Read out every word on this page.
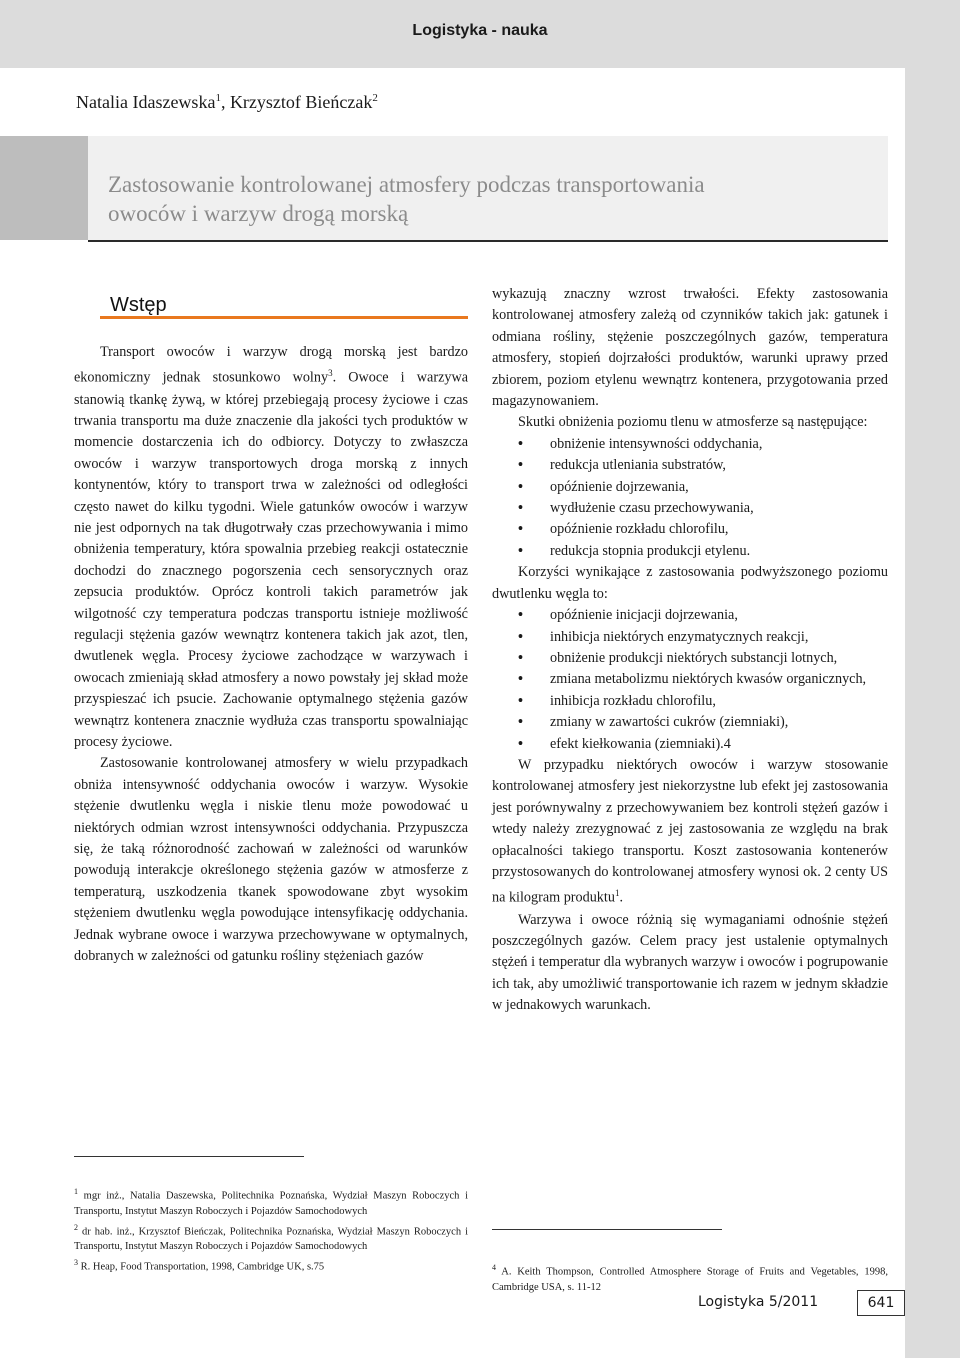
Logistyka - nauka
Natalia Idaszewska$^1$, Krzysztof Bieńczak$^2$
Zastosowanie kontrolowanej atmosfery podczas transportowania
owoców i warzyw drogą morską
Wstęp

Transport owoców i warzyw drogą morską jest bardzo ekonomiczny jednak stosunkowo wolny$^3$. Owoce i warzywa stanowią tkankę żywą, w której przebiegają procesy życiowe i czas trwania transportu ma duże znaczenie dla jakości tych produktów w momencie dostarczenia ich do odbiorcy. Dotyczy to zwłaszcza owoców i warzyw transportowych droga morską z innych kontynentów, który to transport trwa w zależności od odległości często nawet do kilku tygodni. Wiele gatunków owoców i warzyw nie jest odpornych na tak długotrwały czas przechowywania i mimo obniżenia temperatury, która spowalnia przebieg reakcji ostatecznie dochodzi do znacznego pogorszenia cech sensorycznych oraz zepsucia produktów. Oprócz kontroli takich parametrów jak wilgotność czy temperatura podczas transportu istnieje możliwość regulacji stężenia gazów wewnątrz kontenera takich jak azot, tlen, dwutlenek węgla. Procesy życiowe zachodzące w warzywach i owocach zmieniają skład atmosfery a nowo powstały jej skład może przyspieszać ich psucie. Zachowanie optymalnego stężenia gazów wewnątrz kontenera znacznie wydłuża czas transportu spowalniając procesy życiowe.

Zastosowanie kontrolowanej atmosfery w wielu przypadkach obniża intensywność oddychania owoców i warzyw. Wysokie stężenie dwutlenku węgla i niskie tlenu może powodować u niektórych odmian wzrost intensywności oddychania. Przypuszcza się, że taką różnorodność zachowań w zależności od warunków powodują interakcje określonego stężenia gazów w atmosferze z temperaturą, uszkodzenia tkanek spowodowane zbyt wysokim stężeniem dwutlenku węgla powodujące intensyfikację oddychania. Jednak wybrane owoce i warzywa przechowywane w optymalnych, dobranych w zależności od gatunku rośliny stężeniach gazów

wykazują znaczny wzrost trwałości. Efekty zastosowania kontrolowanej atmosfery zależą od czynników takich jak: gatunek i odmiana rośliny, stężenie poszczególnych gazów, temperatura atmosfery, stopień dojrzałości produktów, warunki uprawy przed zbiorem, poziom etylenu wewnątrz kontenera, przygotowania przed magazynowaniem.

Skutki obniżenia poziomu tlenu w atmosferze są następujące:

• obniżenie intensywności oddychania,
• redukcja utleniania substratów,
• opóźnienie dojrzewania,
• wydłużenie czasu przechowywania,
• opóźnienie rozkładu chlorofilu,
• redukcja stopnia produkcji etylenu.

Korzyści wynikające z zastosowania podwyższonego poziomu dwutlenku węgla to:

• opóźnienie inicjacji dojrzewania,
• inhibicja niektórych enzymatycznych reakcji,
• obniżenie produkcji niektórych substancji lotnych,
• zmiana metabolizmu niektórych kwasów organicznych,
• inhibicja rozkładu chlorofilu,
• zmiany w zawartości cukrów (ziemniaki),
• efekt kiełkowania (ziemniaki).4

W przypadku niektórych owoców i warzyw stosowanie kontrolowanej atmosfery jest niekorzystne lub efekt jej zastosowania jest porównywalny z przechowywaniem bez kontroli stężeń gazów i wtedy należy zrezygnować z jej zastosowania ze względu na brak opłacalności takiego transportu. Koszt zastosowania kontenerów przystosowanych do kontrolowanej atmosfery wynosi ok. 2 centy US na kilogram produktu$^1$.

Warzywa i owoce różnią się wymaganiami odnośnie stężeń poszczególnych gazów. Celem pracy jest ustalenie optymalnych stężeń i temperatur dla wybranych warzyw i owoców i pogrupowanie ich tak, aby umożliwić transportowanie ich razem w jednym składzie w jednakowych warunkach.

$^1$ mgr inż., Natalia Daszewska, Politechnika Poznańska, Wydział Maszyn Roboczych i Transportu, Instytut Maszyn Roboczych i Pojazdów Samochodowych

$^2$ dr hab. inż., Krzysztof Bieńczak, Politechnika Poznańska, Wydział Maszyn Roboczych i Transportu, Instytut Maszyn Roboczych i Pojazdów Samochodowych

$^3$ R. Heap, Food Transportation, 1998, Cambridge UK, s.75	$^4$ A. Keith Thompson, Controlled Atmosphere Storage of Fruits and Vegetables, 1998, Cambridge USA, s. 11-12

Logistyka 5/2011	641
